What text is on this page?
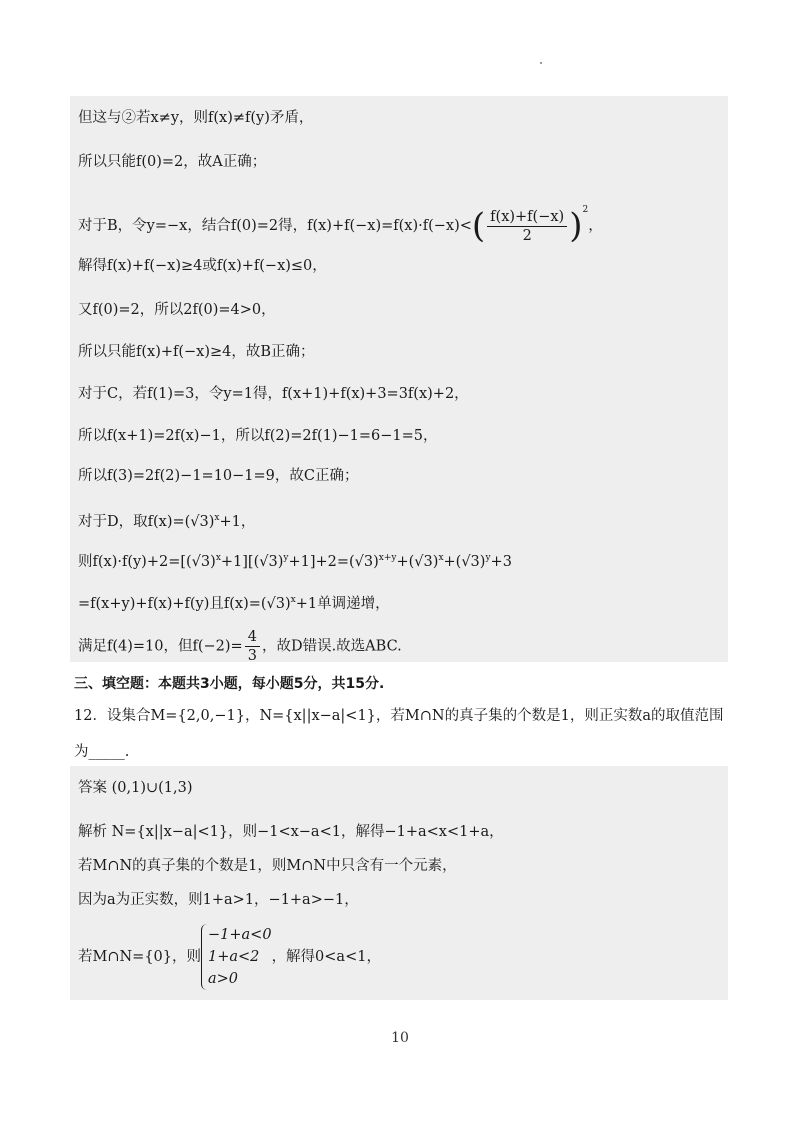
但这与②若x≠y，则f(x)≠f(y)矛盾，
所以只能f(0)=2，故A正确；
对于B，令y=−x，结合f(0)=2得，$f(x)+f(-x)=f(x)\cdot f(-x)<( \frac{f(x)+f(-x)}{2} )^2$，
解得f(x)+f(−x)≥4或f(x)+f(−x)≤0，
又f(0)=2，所以2f(0)=4>0，
所以只能f(x)+f(−x)≥4，故B正确；
对于C，若f(1)=3，令y=1得，f(x+1)+f(x)+3=3f(x)+2，
所以f(x+1)=2f(x)−1，所以f(2)=2f(1)−1=6−1=5，
所以f(3)=2f(2)−1=10−1=9，故C正确；
对于D，取$f(x)=(√3)^x+1$，
则$f(x)\cdot f(y)+2=[(√3)^x+1][(√3)^y+1]+2=(√3)^{x+y}+(√3)^x+(√3)^y+3$
=f(x+y)+f(x)+f(y)且$f(x)=(√3)^x+1$单调递增，
满足f(4)=10，但$f(-2)= \frac{4}{3}$ ，故D错误.故选ABC.
三、填空题：本题共3小题，每小题5分，共15分.
12．设集合M={2,0,−1}，N={x||x−a|<1}，若M∩N的真子集的个数是1，则正实数a的取值范围
为_____.
答案 (0,1)∪(1,3)
解析 N={x||x−a|<1}，则−1<x−a<1，解得−1+a<x<1+a，
若M∩N的真子集的个数是1，则M∩N中只含有一个元素，
因为a为正实数，则1+a>1，−1+a>−1，
若M∩N={0}，则
−1+a<0
1+a<2
a>0
，解得0<a<1，
10
